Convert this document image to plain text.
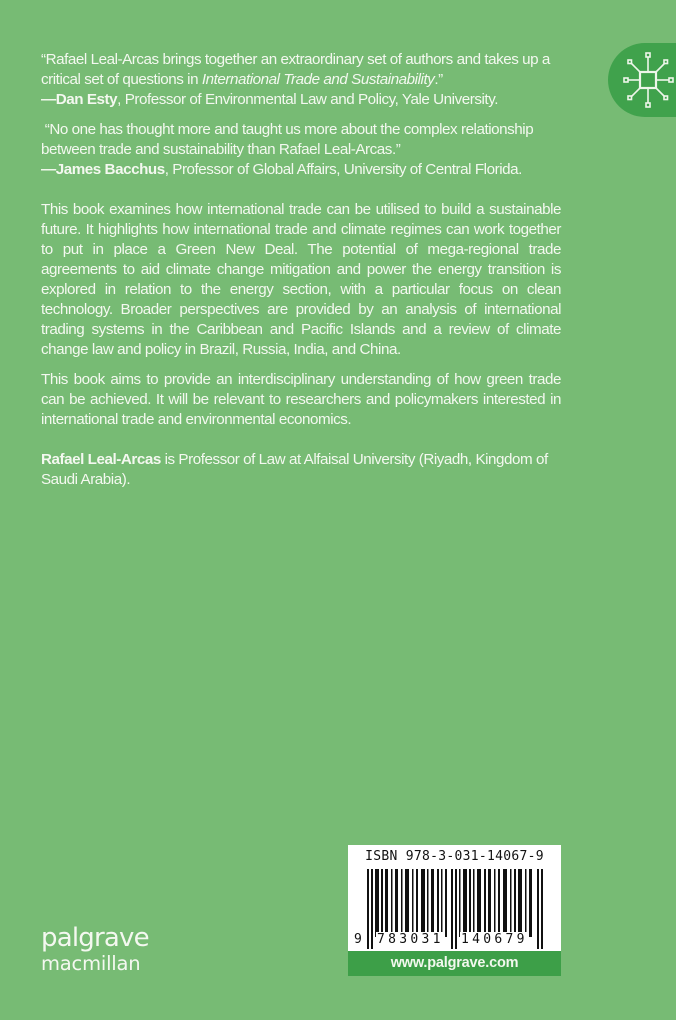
“Rafael Leal-Arcas brings together an extraordinary set of authors and takes up a
critical set of questions in International Trade and Sustainability.”

—Dan Esty, Professor of Environmental Law and Policy, Yale University.

“No one has thought more and taught us more about the complex relationship
between trade and sustainability than Rafael Leal-Arcas.”

—James Bacchus, Professor of Global Affairs, University of Central Florida.

This book examines how international trade can be utilised to build a sustainable future. It highlights how international trade and climate regimes can work together to put in place a Green New Deal. The potential of mega-regional trade agreements to aid climate change mitigation and power the energy transition is explored in relation to the energy section, with a particular focus on clean technology. Broader perspectives are provided by an analysis of international trading systems in the Caribbean and Pacific Islands and a review of climate change law and policy in Brazil, Russia, India, and China.

This book aims to provide an interdisciplinary understanding of how green trade can be achieved. It will be relevant to researchers and policymakers interested in international trade and environmental economics.

Rafael Leal-Arcas is Professor of Law at Alfaisal University (Riyadh, Kingdom of Saudi Arabia).

palgrave
macmillan
ISBN 978-3-031-14067-9
9 783031 140679
www.palgrave.com
